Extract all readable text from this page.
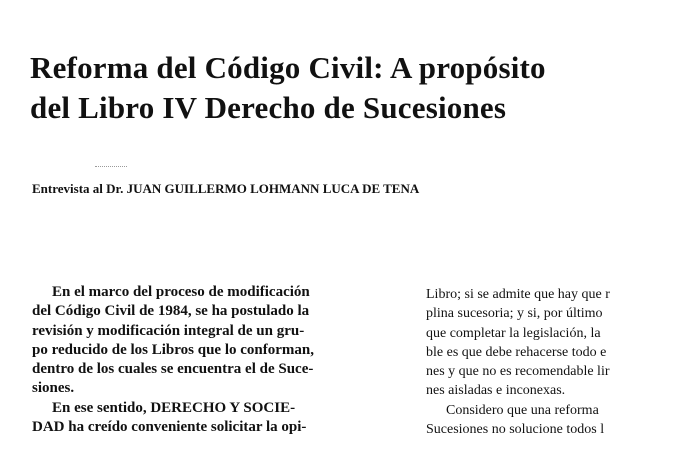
Reforma del Código Civil: A propósito
del Libro IV Derecho de Sucesiones

Entrevista al Dr. JUAN GUILLERMO LOHMANN LUCA DE TENA

En el marco del proceso de modificación
del Código Civil de 1984, se ha postulado la
revisión y modificación integral de un gru-
po reducido de los Libros que lo conforman,
dentro de los cuales se encuentra el de Suce-
siones.

En ese sentido, DERECHO Y SOCIE-
DAD ha creído conveniente solicitar la opi-

Libro; si se admite que hay que r
plina sucesoria; y si, por último
que completar la legislación, la
ble es que debe rehacerse todo e
nes y que no es recomendable lir
nes aisladas e inconexas.
Considero que una reforma
Sucesiones no solucione todos l
